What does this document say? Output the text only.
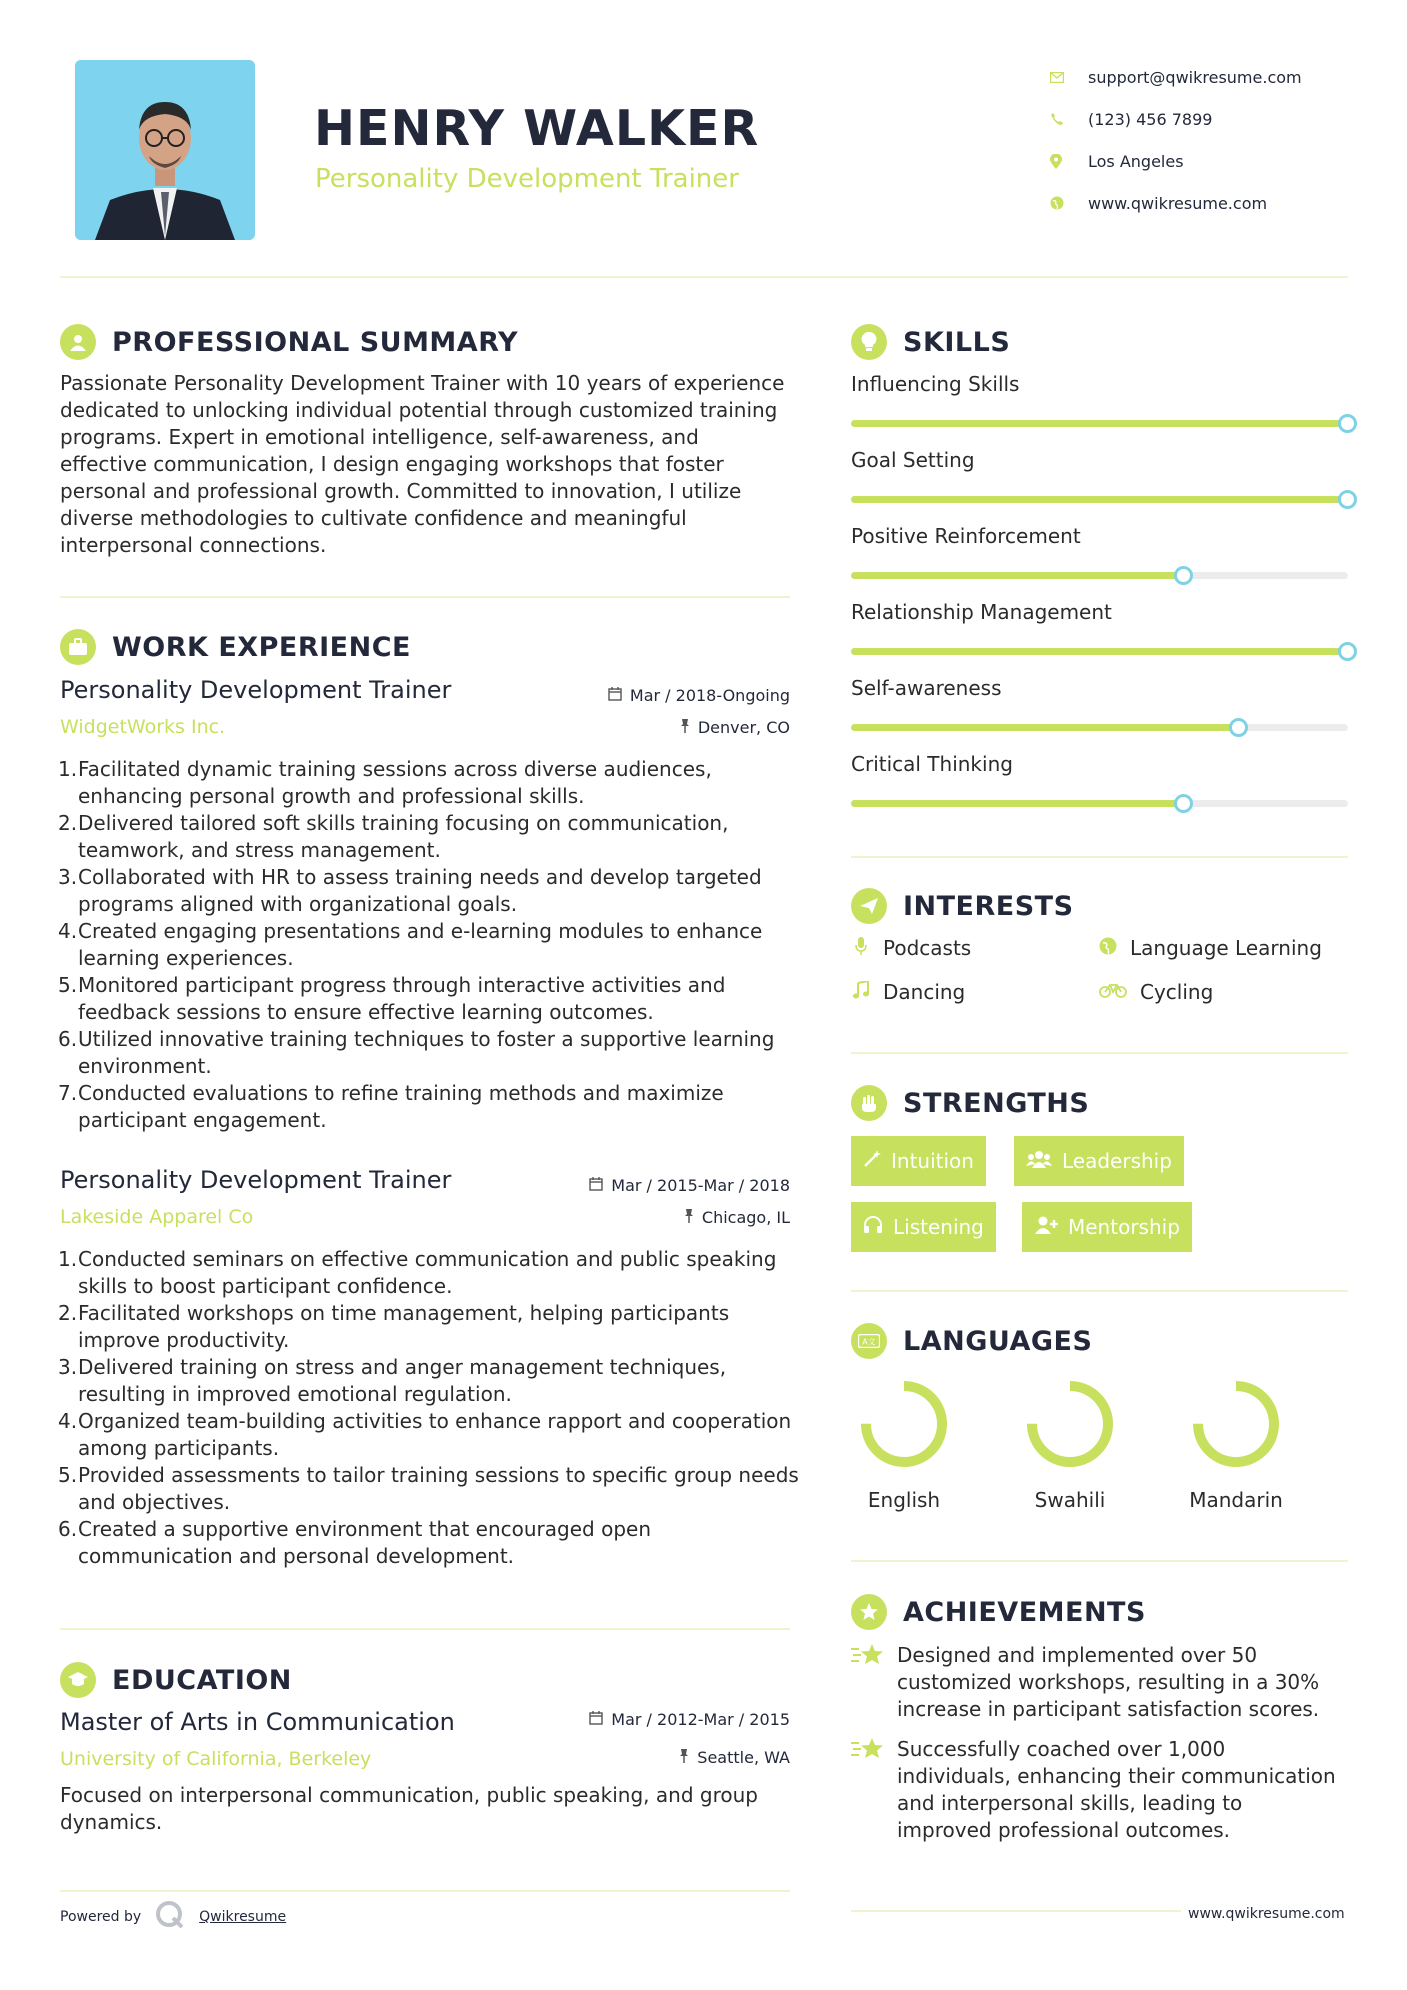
HENRY WALKER
Personality Development Trainer
support@qwikresume.com
(123) 456 7899
Los Angeles
www.qwikresume.com
PROFESSIONAL SUMMARY
Passionate Personality Development Trainer with 10 years of experience dedicated to unlocking individual potential through customized training programs. Expert in emotional intelligence, self-awareness, and effective communication, I design engaging workshops that foster personal and professional growth. Committed to innovation, I utilize diverse methodologies to cultivate confidence and meaningful interpersonal connections.
WORK EXPERIENCE
Personality Development Trainer	Mar / 2018-Ongoing
WidgetWorks Inc.	Denver, CO
Facilitated dynamic training sessions across diverse audiences, enhancing personal growth and professional skills.
Delivered tailored soft skills training focusing on communication, teamwork, and stress management.
Collaborated with HR to assess training needs and develop targeted programs aligned with organizational goals.
Created engaging presentations and e-learning modules to enhance learning experiences.
Monitored participant progress through interactive activities and feedback sessions to ensure effective learning outcomes.
Utilized innovative training techniques to foster a supportive learning environment.
Conducted evaluations to refine training methods and maximize participant engagement.
Personality Development Trainer	Mar / 2015-Mar / 2018
Lakeside Apparel Co	Chicago, IL
Conducted seminars on effective communication and public speaking skills to boost participant confidence.
Facilitated workshops on time management, helping participants improve productivity.
Delivered training on stress and anger management techniques, resulting in improved emotional regulation.
Organized team-building activities to enhance rapport and cooperation among participants.
Provided assessments to tailor training sessions to specific group needs and objectives.
Created a supportive environment that encouraged open communication and personal development.
EDUCATION
Master of Arts in Communication	Mar / 2012-Mar / 2015
University of California, Berkeley	Seattle, WA
Focused on interpersonal communication, public speaking, and group dynamics.
Powered by	Qwikresume	www.qwikresume.com
SKILLS
Influencing Skills
Goal Setting
Positive Reinforcement
Relationship Management
Self-awareness
Critical Thinking
INTERESTS
Podcasts	Language Learning
Dancing	Cycling
STRENGTHS
Intuition	Leadership
Listening	Mentorship
A文 LANGUAGES
English	Swahili	Mandarin
ACHIEVEMENTS
Designed and implemented over 50 customized workshops, resulting in a 30% increase in participant satisfaction scores.
Successfully coached over 1,000 individuals, enhancing their communication and interpersonal skills, leading to improved professional outcomes.
